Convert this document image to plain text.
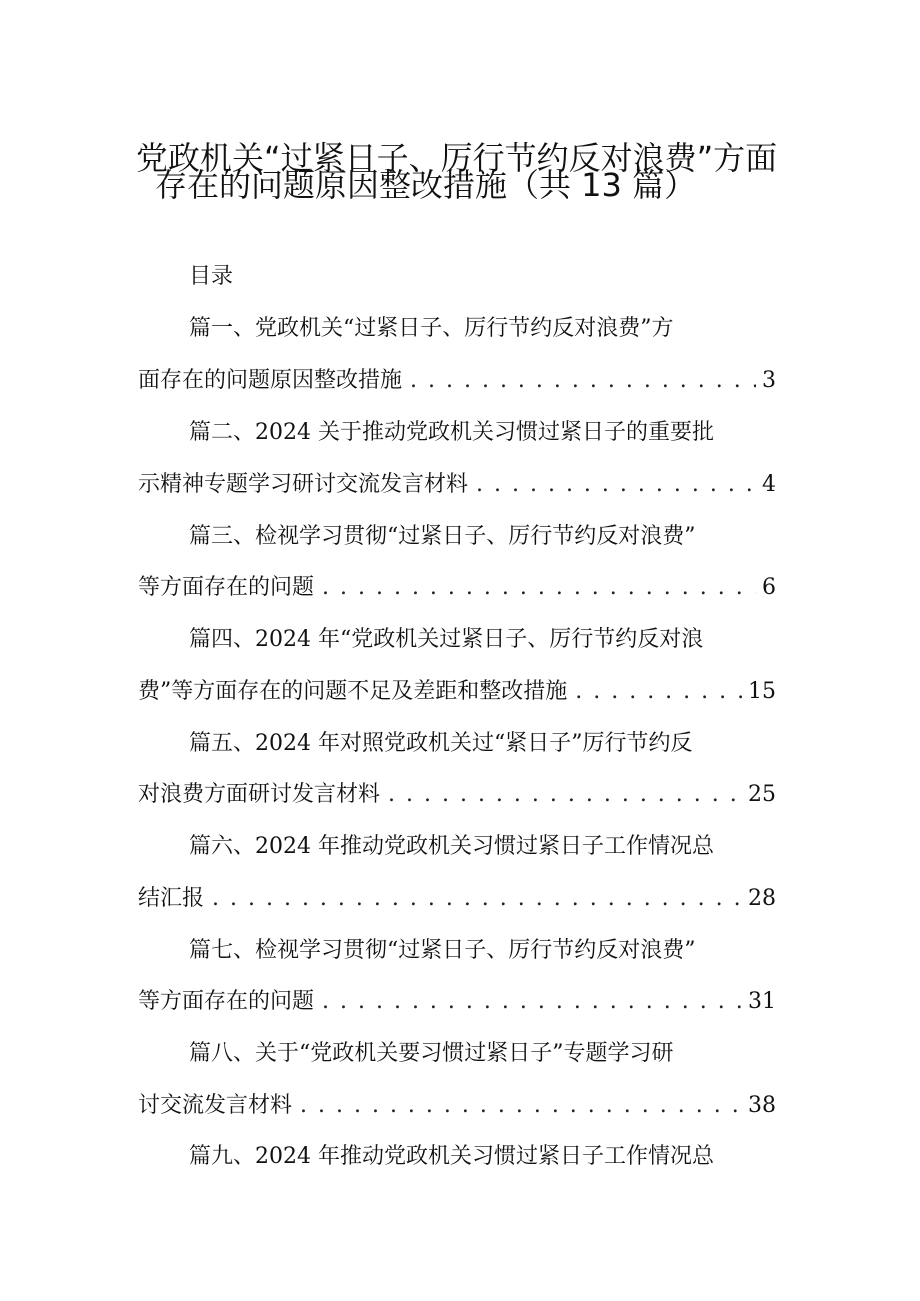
党政机关“过紧日子、厉行节约反对浪费”方面
存在的问题原因整改措施（共 13 篇）
目录
篇一、党政机关“过紧日子、厉行节约反对浪费”方
面存在的问题原因整改措施 . . .	3
篇二、2024 关于推动党政机关习惯过紧日子的重要批
示精神专题学习研讨交流发言材料 . . .	4
篇三、检视学习贯彻“过紧日子、厉行节约反对浪费”
等方面存在的问题 . . .	6
篇四、2024 年“党政机关过紧日子、厉行节约反对浪
费”等方面存在的问题不足及差距和整改措施 . . .	15
篇五、2024 年对照党政机关过“紧日子”厉行节约反
对浪费方面研讨发言材料 . . .	25
篇六、2024 年推动党政机关习惯过紧日子工作情况总
结汇报 . . .	28
篇七、检视学习贯彻“过紧日子、厉行节约反对浪费”
等方面存在的问题 . . .	31
篇八、关于“党政机关要习惯过紧日子”专题学习研
讨交流发言材料 . . .	38
篇九、2024 年推动党政机关习惯过紧日子工作情况总
